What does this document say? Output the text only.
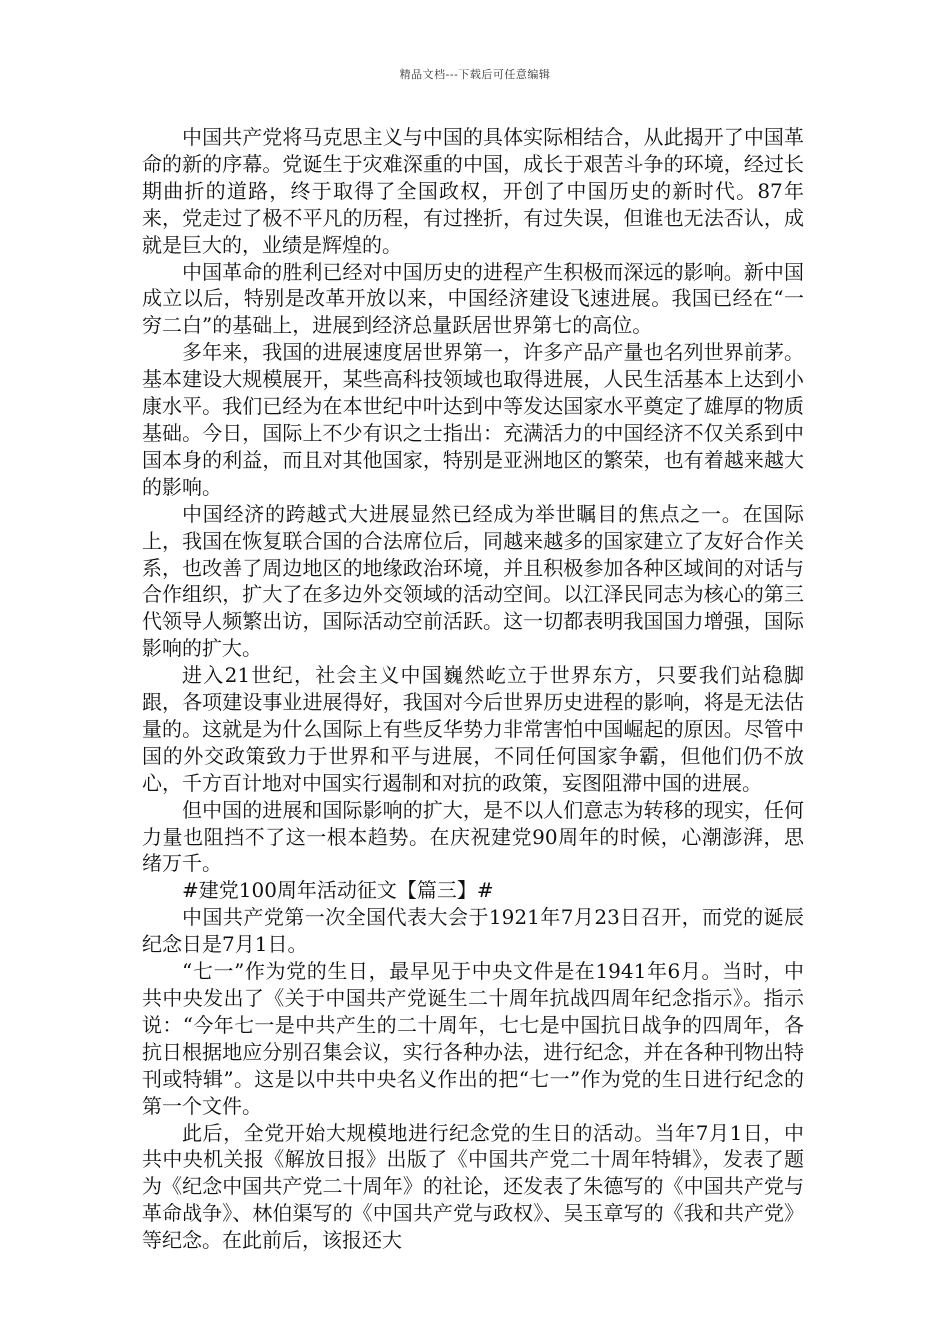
精品文档---下载后可任意编辑

中国共产党将马克思主义与中国的具体实际相结合，从此揭开了中国革命的新的序幕。党诞生于灾难深重的中国，成长于艰苦斗争的环境，经过长期曲折的道路，终于取得了全国政权，开创了中国历史的新时代。87年来，党走过了极不平凡的历程，有过挫折，有过失误，但谁也无法否认，成就是巨大的，业绩是辉煌的。

中国革命的胜利已经对中国历史的进程产生积极而深远的影响。新中国成立以后，特别是改革开放以来，中国经济建设飞速进展。我国已经在“一穷二白”的基础上，进展到经济总量跃居世界第七的高位。

多年来，我国的进展速度居世界第一，许多产品产量也名列世界前茅。基本建设大规模展开，某些高科技领域也取得进展，人民生活基本上达到小康水平。我们已经为在本世纪中叶达到中等发达国家水平奠定了雄厚的物质基础。今日，国际上不少有识之士指出：充满活力的中国经济不仅关系到中国本身的利益，而且对其他国家，特别是亚洲地区的繁荣，也有着越来越大的影响。

中国经济的跨越式大进展显然已经成为举世瞩目的焦点之一。在国际上，我国在恢复联合国的合法席位后，同越来越多的国家建立了友好合作关系，也改善了周边地区的地缘政治环境，并且积极参加各种区域间的对话与合作组织，扩大了在多边外交领域的活动空间。以江泽民同志为核心的第三代领导人频繁出访，国际活动空前活跃。这一切都表明我国国力增强，国际影响的扩大。

进入21世纪，社会主义中国巍然屹立于世界东方，只要我们站稳脚跟，各项建设事业进展得好，我国对今后世界历史进程的影响，将是无法估量的。这就是为什么国际上有些反华势力非常害怕中国崛起的原因。尽管中国的外交政策致力于世界和平与进展，不同任何国家争霸，但他们仍不放心，千方百计地对中国实行遏制和对抗的政策，妄图阻滞中国的进展。

但中国的进展和国际影响的扩大，是不以人们意志为转移的现实，任何力量也阻挡不了这一根本趋势。在庆祝建党90周年的时候，心潮澎湃，思绪万千。

#建党100周年活动征文【篇三】#

中国共产党第一次全国代表大会于1921年7月23日召开，而党的诞辰纪念日是7月1日。

“七一”作为党的生日，最早见于中央文件是在1941年6月。当时，中共中央发出了《关于中国共产党诞生二十周年抗战四周年纪念指示》。指示说：“今年七一是中共产生的二十周年，七七是中国抗日战争的四周年，各抗日根据地应分别召集会议，实行各种办法，进行纪念，并在各种刊物出特刊或特辑”。这是以中共中央名义作出的把“七一”作为党的生日进行纪念的第一个文件。

此后，全党开始大规模地进行纪念党的生日的活动。当年7月1日，中共中央机关报《解放日报》出版了《中国共产党二十周年特辑》，发表了题为《纪念中国共产党二十周年》的社论，还发表了朱德写的《中国共产党与革命战争》、林伯渠写的《中国共产党与政权》、吴玉章写的《我和共产党》等纪念。在此前后，该报还大
